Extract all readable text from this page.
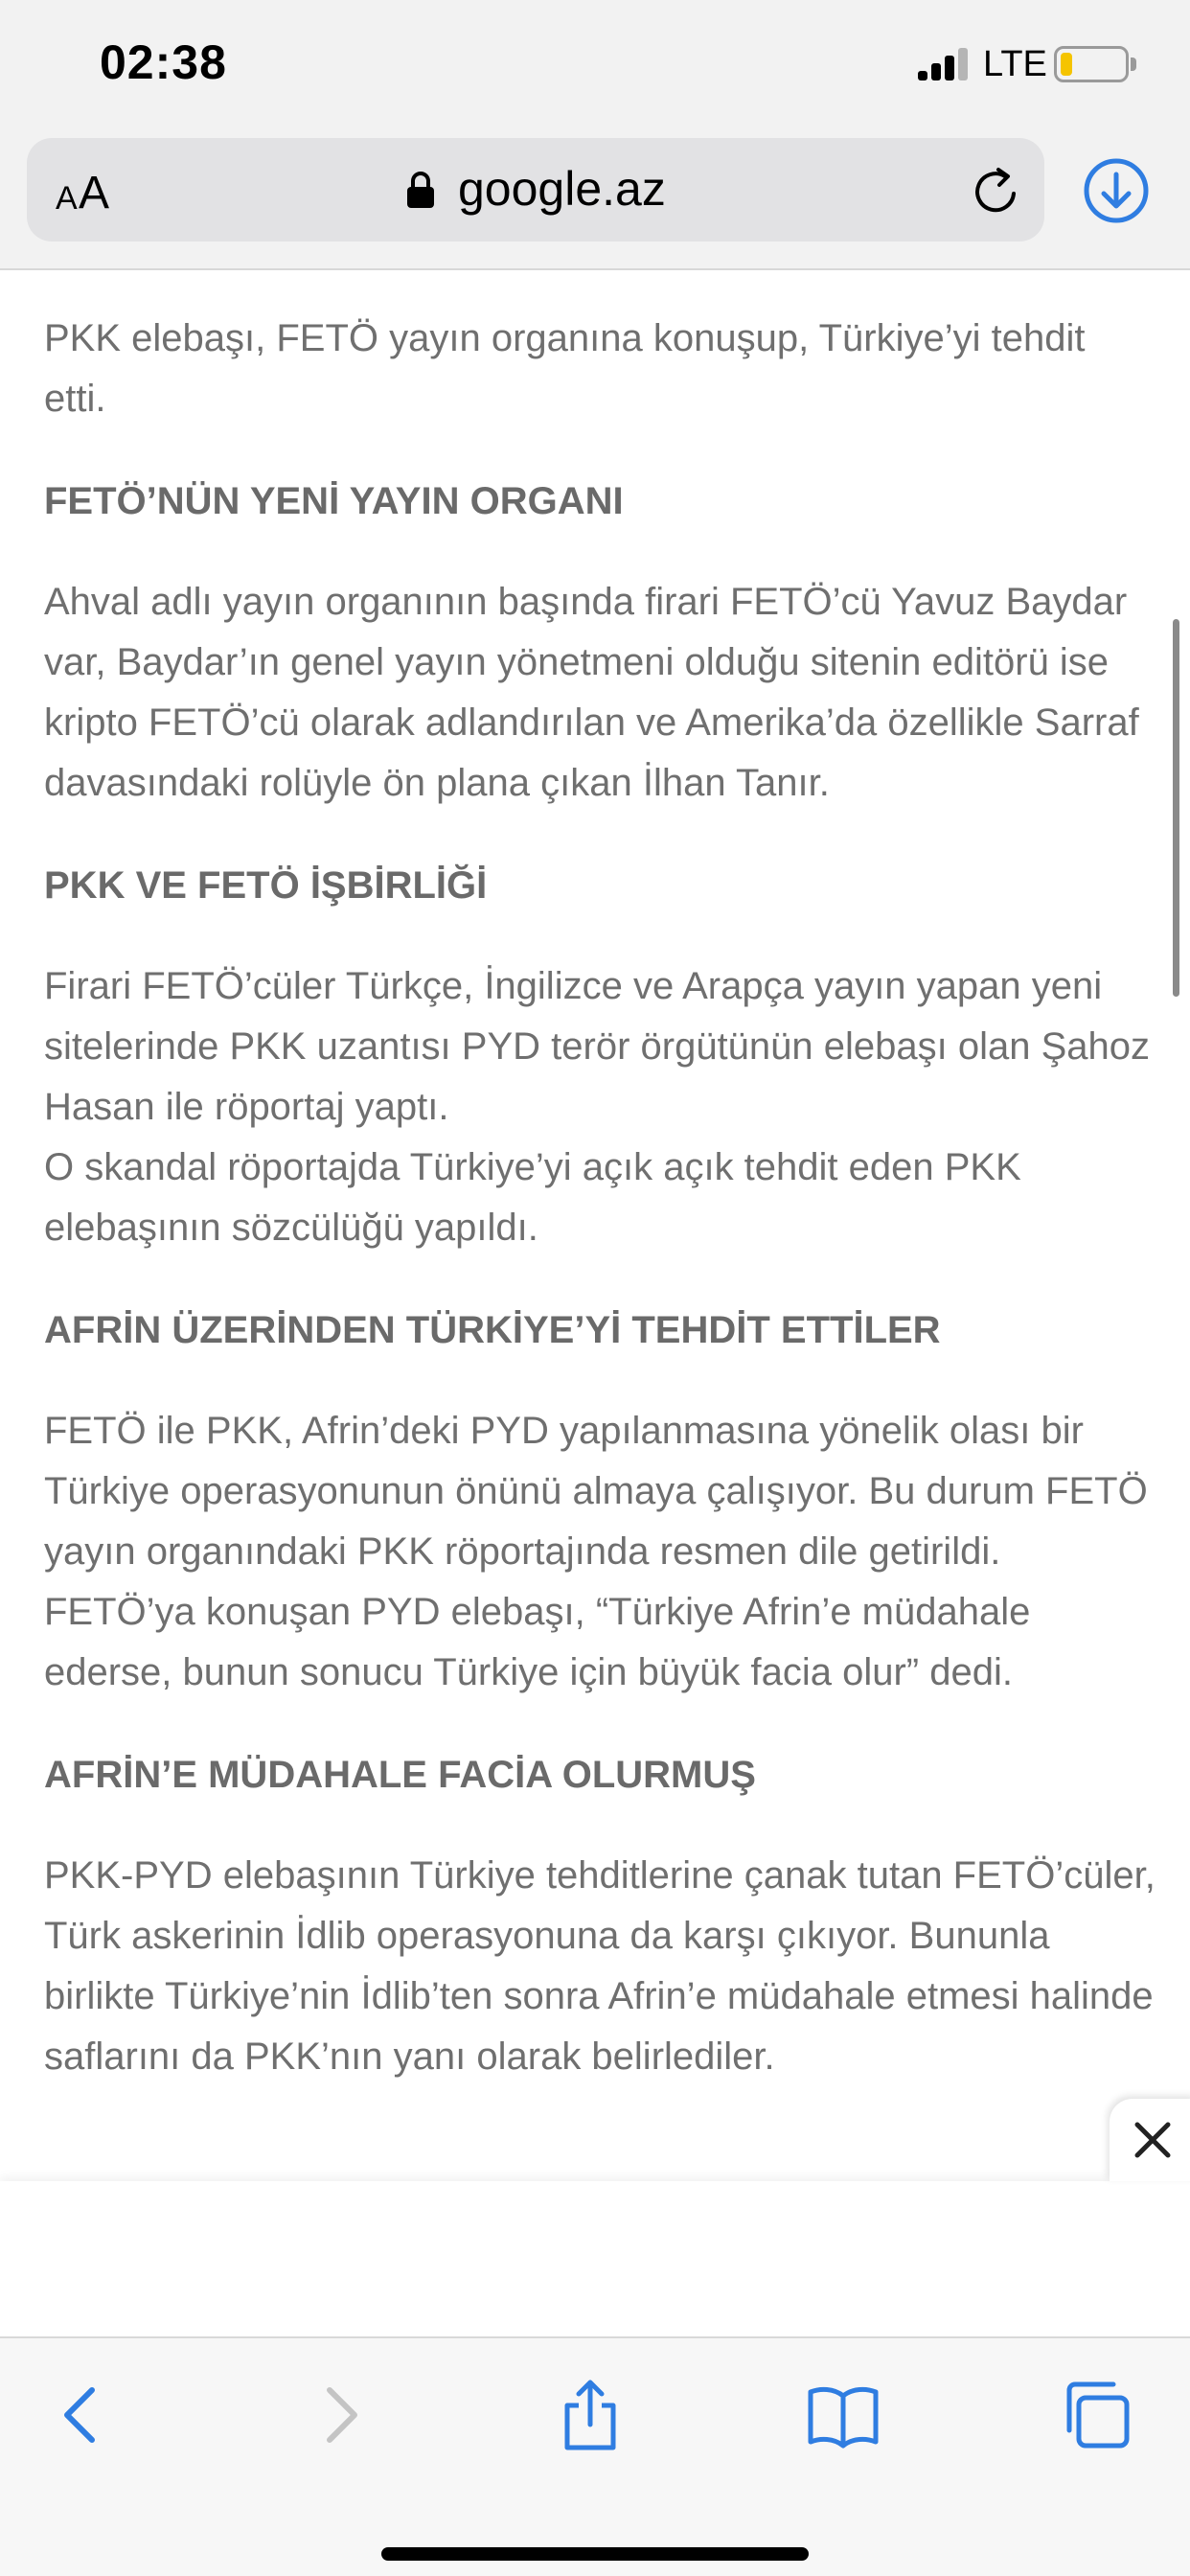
02:38	LTE
A A	google.az

PKK elebaşı, FETÖ yayın organına konuşup, Türkiye’yi tehdit etti.

FETÖ’NÜN YENİ YAYIN ORGANI

Ahval adlı yayın organının başında firari FETÖ’cü Yavuz Baydar var, Baydar’ın genel yayın yönetmeni olduğu sitenin editörü ise kripto FETÖ’cü olarak adlandırılan ve Amerika’da özellikle Sarraf davasındaki rolüyle ön plana çıkan İlhan Tanır.

PKK VE FETÖ İŞBİRLİĞİ

Firari FETÖ’cüler Türkçe, İngilizce ve Arapça yayın yapan yeni sitelerinde PKK uzantısı PYD terör örgütünün elebaşı olan Şahoz Hasan ile röportaj yaptı.
O skandal röportajda Türkiye’yi açık açık tehdit eden PKK elebaşının sözcülüğü yapıldı.

AFRİN ÜZERİNDEN TÜRKİYE’Yİ TEHDİT ETTİLER

FETÖ ile PKK, Afrin’deki PYD yapılanmasına yönelik olası bir Türkiye operasyonunun önünü almaya çalışıyor. Bu durum FETÖ yayın organındaki PKK röportajında resmen dile getirildi.
FETÖ’ya konuşan PYD elebaşı, “Türkiye Afrin’e müdahale ederse, bunun sonucu Türkiye için büyük facia olur” dedi.

AFRİN’E MÜDAHALE FACİA OLURMUŞ

PKK-PYD elebaşının Türkiye tehditlerine çanak tutan FETÖ’cüler, Türk askerinin İdlib operasyonuna da karşı çıkıyor. Bununla birlikte Türkiye’nin İdlib’ten sonra Afrin’e müdahale etmesi halinde saflarını da PKK’nın yanı olarak belirlediler.
